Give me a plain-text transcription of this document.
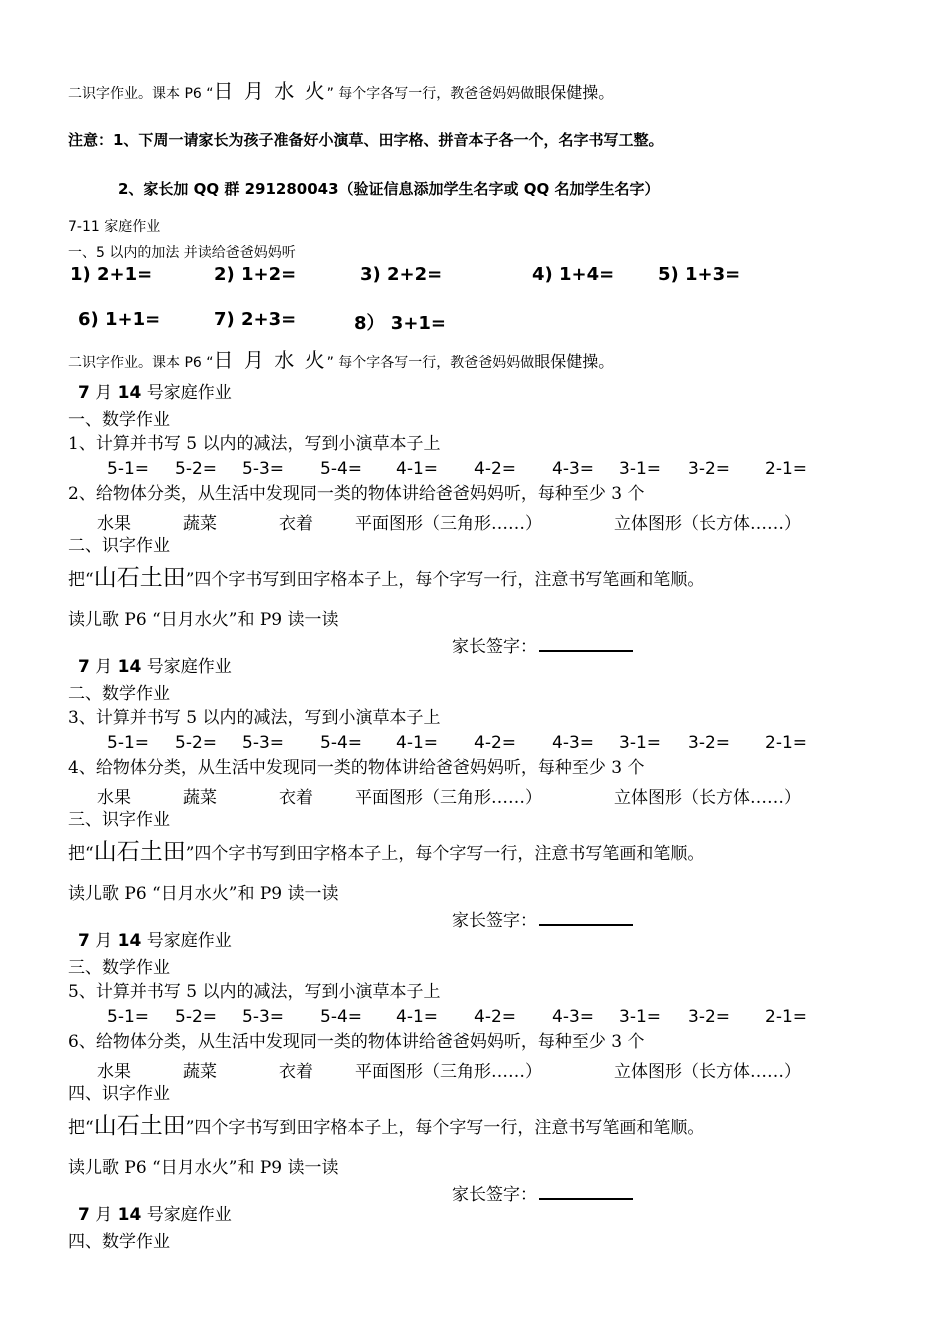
二识字作业。课本 P6 “日 月 水 火” 每个字各写一行，教爸爸妈妈做眼保健操。
注意：1、下周一请家长为孩子准备好小演草、田字格、拼音本子各一个，名字书写工整。
2、家长加 QQ 群 291280043（验证信息添加学生名字或 QQ 名加学生名字）
7-11 家庭作业
一、5 以内的加法 并读给爸爸妈妈听
1) 2+1=	2) 1+2=	3) 2+2=	4) 1+4= 5) 1+3=
6) 1+1=	7) 2+3=	8） 3+1=
二识字作业。课本 P6 “日 月 水 火” 每个字各写一行，教爸爸妈妈做眼保健操。
7 月 14 号家庭作业
一、数学作业
1、计算并书写 5 以内的减法，写到小演草本子上
5-1= 5-2= 5-3= 5-4= 4-1= 4-2= 4-3= 3-1= 3-2= 2-1=
2、给物体分类，从生活中发现同一类的物体讲给爸爸妈妈听，每种至少 3 个
水果	蔬菜	衣着 平面图形（三角形……）	立体图形（长方体……）
二、识字作业
把“山石土田”四个字书写到田字格本子上，每个字写一行，注意书写笔画和笔顺。
读儿歌 P6 “日月水火”和 P9 读一读
家长签字：
7 月 14 号家庭作业
二、数学作业
3、计算并书写 5 以内的减法，写到小演草本子上
5-1= 5-2= 5-3= 5-4= 4-1= 4-2= 4-3= 3-1= 3-2= 2-1=
4、给物体分类，从生活中发现同一类的物体讲给爸爸妈妈听，每种至少 3 个
水果	蔬菜	衣着 平面图形（三角形……）	立体图形（长方体……）
三、识字作业
把“山石土田”四个字书写到田字格本子上，每个字写一行，注意书写笔画和笔顺。
读儿歌 P6 “日月水火”和 P9 读一读
家长签字：
7 月 14 号家庭作业
三、数学作业
5、计算并书写 5 以内的减法，写到小演草本子上
5-1= 5-2= 5-3= 5-4= 4-1= 4-2= 4-3= 3-1= 3-2= 2-1=
6、给物体分类，从生活中发现同一类的物体讲给爸爸妈妈听，每种至少 3 个
水果	蔬菜	衣着 平面图形（三角形……）	立体图形（长方体……）
四、识字作业
把“山石土田”四个字书写到田字格本子上，每个字写一行，注意书写笔画和笔顺。
读儿歌 P6 “日月水火”和 P9 读一读
家长签字：
7 月 14 号家庭作业
四、数学作业
